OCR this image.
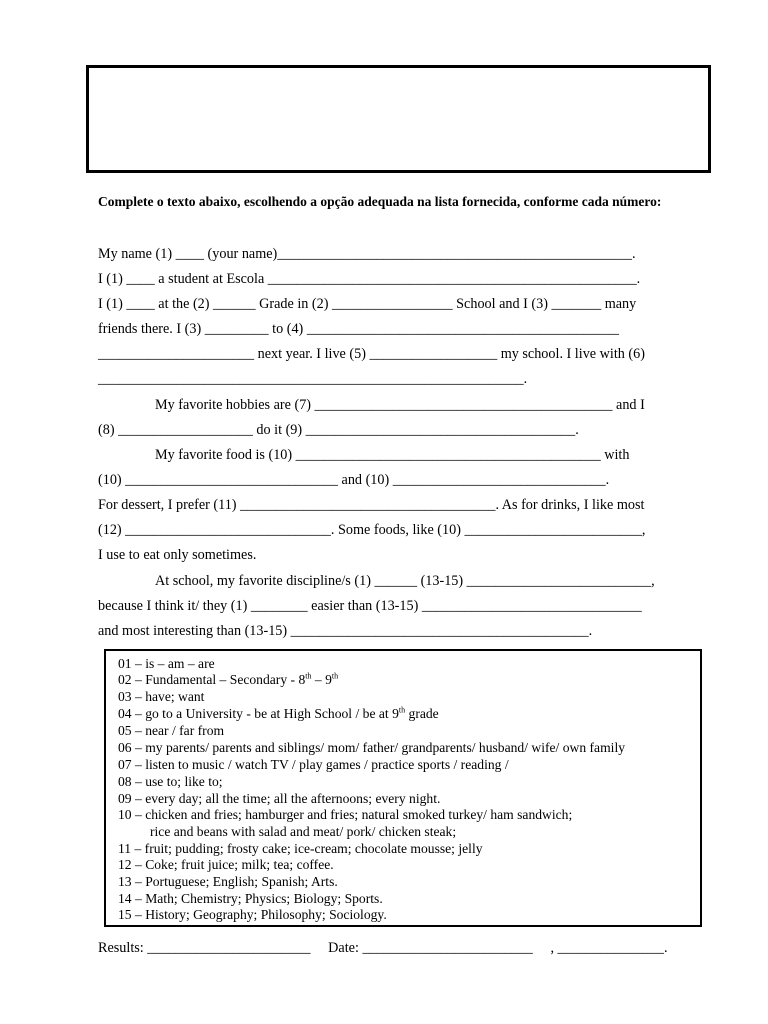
Complete o texto abaixo, escolhendo a opção adequada na lista fornecida, conforme cada número:
My name (1) ____ (your name)__________________________________________________.
I (1) ____ a student at Escola ____________________________________________________.
I (1) ____ at the (2) ______ Grade in (2) _________________ School and I (3) _______ many
friends there. I (3) _________ to (4) ____________________________________________
______________________ next year. I live (5) __________________ my school. I live with (6)
____________________________________________________________.
My favorite hobbies are (7) __________________________________________ and I
(8) ___________________ do it (9) ______________________________________.
My favorite food is (10) ___________________________________________ with
(10) ______________________________ and (10) ______________________________.
For dessert, I prefer (11) ____________________________________. As for drinks, I like most
(12) _____________________________. Some foods, like (10) _________________________,
I use to eat only sometimes.
At school, my favorite discipline/s (1) ______ (13-15) __________________________,
because I think it/ they (1) ________ easier than (13-15) _______________________________
and most interesting than (13-15) __________________________________________.
01 – is – am – are
02 – Fundamental – Secondary - 8th – 9th
03 – have; want
04 – go to a University - be at High School / be at 9th grade
05 – near / far from
06 – my parents/ parents and siblings/ mom/ father/ grandparents/ husband/ wife/ own family
07 – listen to music / watch TV / play games / practice sports / reading /
08 – use to; like to;
09 – every day; all the time; all the afternoons; every night.
10 – chicken and fries; hamburger and fries; natural smoked turkey/ ham sandwich;
rice and beans with salad and meat/ pork/ chicken steak;
11 – fruit; pudding; frosty cake; ice-cream; chocolate mousse; jelly
12 – Coke; fruit juice; milk; tea; coffee.
13 – Portuguese; English; Spanish; Arts.
14 – Math; Chemistry; Physics; Biology; Sports.
15 – History; Geography; Philosophy; Sociology.
Results: _______________________ Date: ________________________ , _______________.
